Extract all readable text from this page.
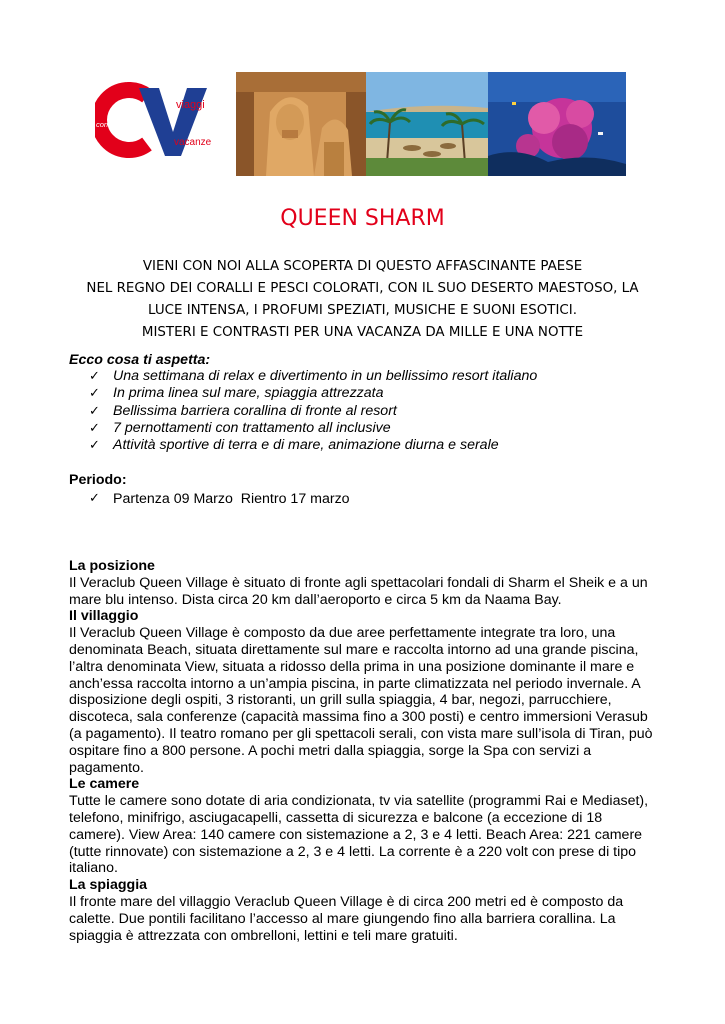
viaggi
vacanze
consulenza
QUEEN SHARM
VIENI CON NOI ALLA SCOPERTA DI QUESTO AFFASCINANTE PAESE
NEL REGNO DEI CORALLI E PESCI COLORATI, CON IL SUO DESERTO MAESTOSO, LA
LUCE INTENSA, I PROFUMI SPEZIATI, MUSICHE E SUONI ESOTICI.
MISTERI E CONTRASTI PER UNA VACANZA DA MILLE E UNA NOTTE
Ecco cosa ti aspetta:
✓ Una settimana di relax e divertimento in un bellissimo resort italiano
✓ In prima linea sul mare, spiaggia attrezzata
✓ Bellissima barriera corallina di fronte al resort
✓ 7 pernottamenti con trattamento all inclusive
✓ Attività sportive di terra e di mare, animazione diurna e serale
Periodo:
✓ Partenza 09 Marzo  Rientro 17 marzo
La posizione

Il Veraclub Queen Village è situato di fronte agli spettacolari fondali di Sharm el Sheik e a un mare blu intenso. Dista circa 20 km dall’aeroporto e circa 5 km da Naama Bay.

Il villaggio

Il Veraclub Queen Village è composto da due aree perfettamente integrate tra loro, una denominata Beach, situata direttamente sul mare e raccolta intorno ad una grande piscina, l’altra denominata View, situata a ridosso della prima in una posizione dominante il mare e anch’essa raccolta intorno a un’ampia piscina, in parte climatizzata nel periodo invernale. A disposizione degli ospiti, 3 ristoranti, un grill sulla spiaggia, 4 bar, negozi, parrucchiere, discoteca, sala conferenze (capacità massima fino a 300 posti) e centro immersioni Verasub (a pagamento). Il teatro romano per gli spettacoli serali, con vista mare sull’isola di Tiran, può ospitare fino a 800 persone. A pochi metri dalla spiaggia, sorge la Spa con servizi a pagamento.

Le camere

Tutte le camere sono dotate di aria condizionata, tv via satellite (programmi Rai e Mediaset), telefono, minifrigo, asciugacapelli, cassetta di sicurezza e balcone (a eccezione di 18 camere). View Area: 140 camere con sistemazione a 2, 3 e 4 letti. Beach Area: 221 camere (tutte rinnovate) con sistemazione a 2, 3 e 4 letti. La corrente è a 220 volt con prese di tipo italiano.

La spiaggia

Il fronte mare del villaggio Veraclub Queen Village è di circa 200 metri ed è composto da calette. Due pontili facilitano l’accesso al mare giungendo fino alla barriera corallina. La spiaggia è attrezzata con ombrelloni, lettini e teli mare gratuiti.
